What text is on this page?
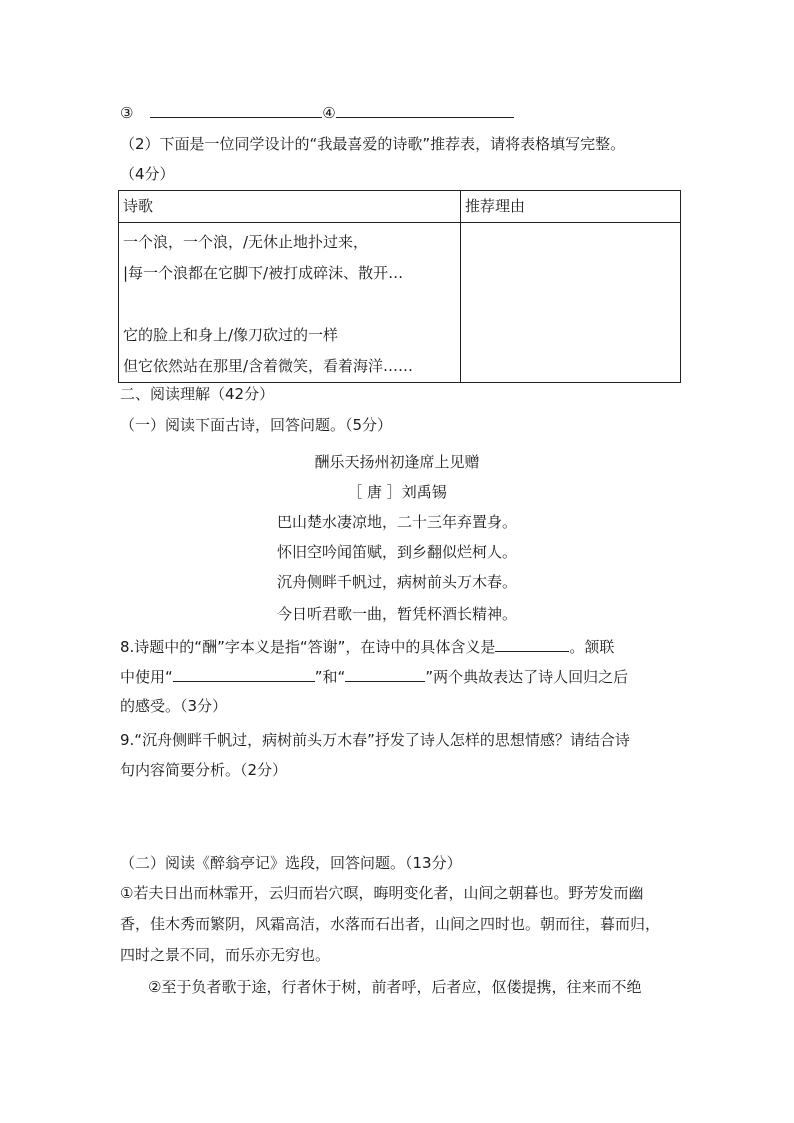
③	④
（2）下面是一位同学设计的“我最喜爱的诗歌”推荐表，请将表格填写完整。
（4分）
诗歌	推荐理由

一个浪，一个浪，/无休止地扑过来，
|每一个浪都在它脚下/被打成碎沫、散开…
它的脸上和身上/像刀砍过的一样
但它依然站在那里/含着微笑，看着海洋……	

二、阅读理解（42分）
（一）阅读下面古诗，回答问题。（5分）
酬乐天扬州初逢席上见赠
［ 唐 ］刘禹锡
巴山楚水凄凉地，二十三年弃置身。
怀旧空吟闻笛赋，到乡翻似烂柯人。
沉舟侧畔千帆过，病树前头万木春。
今日听君歌一曲，暂凭杯酒长精神。
8.诗题中的“酬”字本义是指“答谢”，在诗中的具体含义是	。颔联
中使用“	”和“	”两个典故表达了诗人回归之后
的感受。（3分）
9.“沉舟侧畔千帆过，病树前头万木春”抒发了诗人怎样的思想情感？请结合诗
句内容简要分析。（2分）
（二）阅读《醉翁亭记》选段，回答问题。（13分）
①若夫日出而林霏开，云归而岩穴暝，晦明变化者，山间之朝暮也。野芳发而幽
香，佳木秀而繁阴，风霜高洁，水落而石出者，山间之四时也。朝而往，暮而归，
四时之景不同，而乐亦无穷也。
②至于负者歌于途，行者休于树，前者呼，后者应，伛偻提携，往来而不绝
